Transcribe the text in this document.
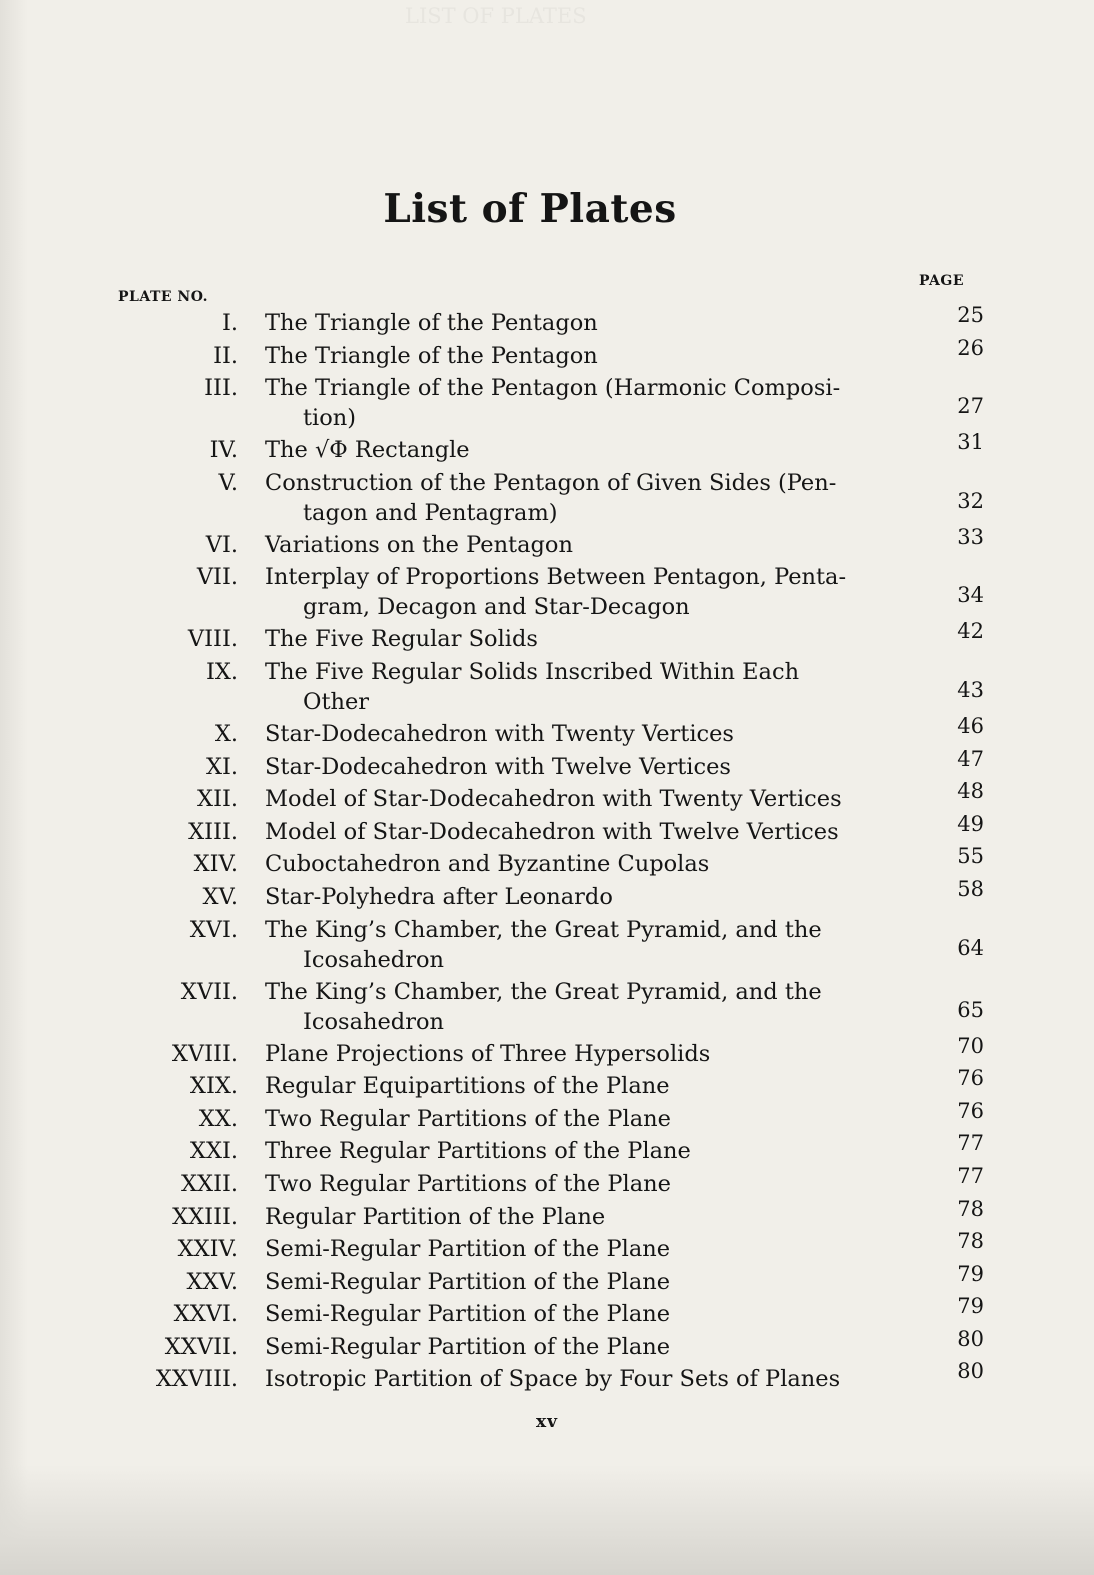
LIST OF PLATES
List of Plates
PLATE NO.
PAGE
I. The Triangle of the Pentagon	25
II. The Triangle of the Pentagon	26
III. The Triangle of the Pentagon (Harmonic Composi-
tion)	27
IV. The √Φ Rectangle	31
V. Construction of the Pentagon of Given Sides (Pen-
tagon and Pentagram)	32
VI. Variations on the Pentagon	33
VII. Interplay of Proportions Between Pentagon, Penta-
gram, Decagon and Star-Decagon	34
VIII. The Five Regular Solids	42
IX. The Five Regular Solids Inscribed Within Each
Other	43
X. Star-Dodecahedron with Twenty Vertices	46
XI. Star-Dodecahedron with Twelve Vertices	47
XII. Model of Star-Dodecahedron with Twenty Vertices	48
XIII. Model of Star-Dodecahedron with Twelve Vertices	49
XIV. Cuboctahedron and Byzantine Cupolas	55
XV. Star-Polyhedra after Leonardo	58
XVI. The King’s Chamber, the Great Pyramid, and the
Icosahedron	64
XVII. The King’s Chamber, the Great Pyramid, and the
Icosahedron	65
XVIII. Plane Projections of Three Hypersolids	70
XIX. Regular Equipartitions of the Plane	76
XX. Two Regular Partitions of the Plane	76
XXI. Three Regular Partitions of the Plane	77
XXII. Two Regular Partitions of the Plane	77
XXIII. Regular Partition of the Plane	78
XXIV. Semi-Regular Partition of the Plane	78
XXV. Semi-Regular Partition of the Plane	79
XXVI. Semi-Regular Partition of the Plane	79
XXVII. Semi-Regular Partition of the Plane	80
XXVIII. Isotropic Partition of Space by Four Sets of Planes	80
xv
